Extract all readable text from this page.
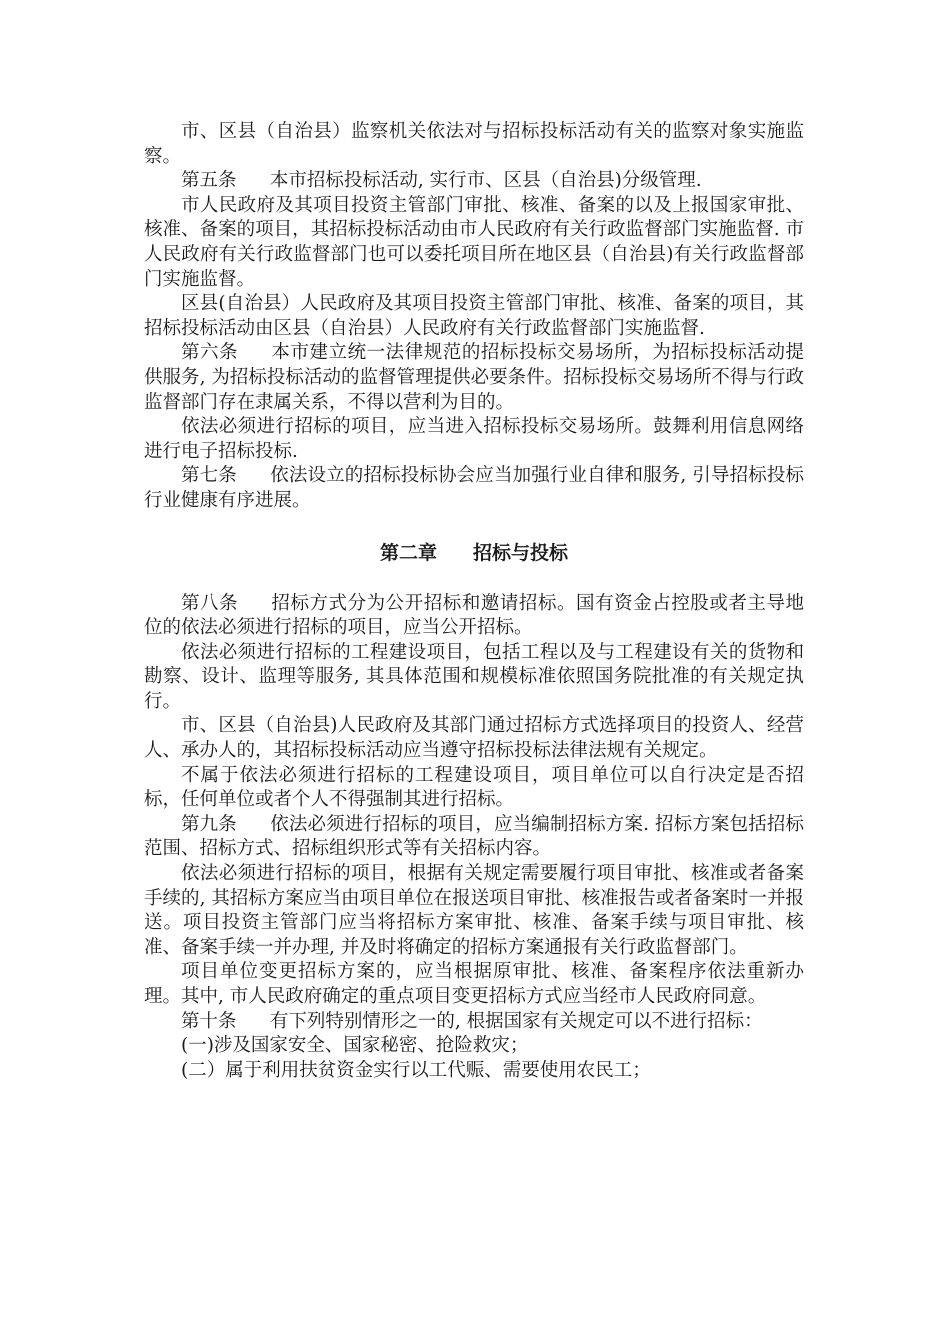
市、区县（自治县）监察机关依法对与招标投标活动有关的监察对象实施监察。

第五条 本市招标投标活动, 实行市、区县（自治县)分级管理.

市人民政府及其项目投资主管部门审批、核准、备案的以及上报国家审批、核准、备案的项目，其招标投标活动由市人民政府有关行政监督部门实施监督. 市人民政府有关行政监督部门也可以委托项目所在地区县（自治县)有关行政监督部门实施监督。

区县(自治县）人民政府及其项目投资主管部门审批、核准、备案的项目，其招标投标活动由区县（自治县）人民政府有关行政监督部门实施监督.

第六条 本市建立统一法律规范的招标投标交易场所，为招标投标活动提供服务, 为招标投标活动的监督管理提供必要条件。招标投标交易场所不得与行政监督部门存在隶属关系，不得以营利为目的。

依法必须进行招标的项目，应当进入招标投标交易场所。鼓舞利用信息网络进行电子招标投标.

第七条 依法设立的招标投标协会应当加强行业自律和服务, 引导招标投标行业健康有序进展。

第二章 招标与投标

第八条 招标方式分为公开招标和邀请招标。国有资金占控股或者主导地位的依法必须进行招标的项目，应当公开招标。

依法必须进行招标的工程建设项目，包括工程以及与工程建设有关的货物和勘察、设计、监理等服务, 其具体范围和规模标准依照国务院批准的有关规定执行。

市、区县（自治县)人民政府及其部门通过招标方式选择项目的投资人、经营人、承办人的，其招标投标活动应当遵守招标投标法律法规有关规定。

不属于依法必须进行招标的工程建设项目，项目单位可以自行决定是否招标，任何单位或者个人不得强制其进行招标。

第九条 依法必须进行招标的项目，应当编制招标方案. 招标方案包括招标范围、招标方式、招标组织形式等有关招标内容。

依法必须进行招标的项目，根据有关规定需要履行项目审批、核准或者备案手续的, 其招标方案应当由项目单位在报送项目审批、核准报告或者备案时一并报送。项目投资主管部门应当将招标方案审批、核准、备案手续与项目审批、核准、备案手续一并办理, 并及时将确定的招标方案通报有关行政监督部门。

项目单位变更招标方案的，应当根据原审批、核准、备案程序依法重新办理。其中, 市人民政府确定的重点项目变更招标方式应当经市人民政府同意。

第十条 有下列特别情形之一的, 根据国家有关规定可以不进行招标：

(一)涉及国家安全、国家秘密、抢险救灾；

(二）属于利用扶贫资金实行以工代赈、需要使用农民工；
